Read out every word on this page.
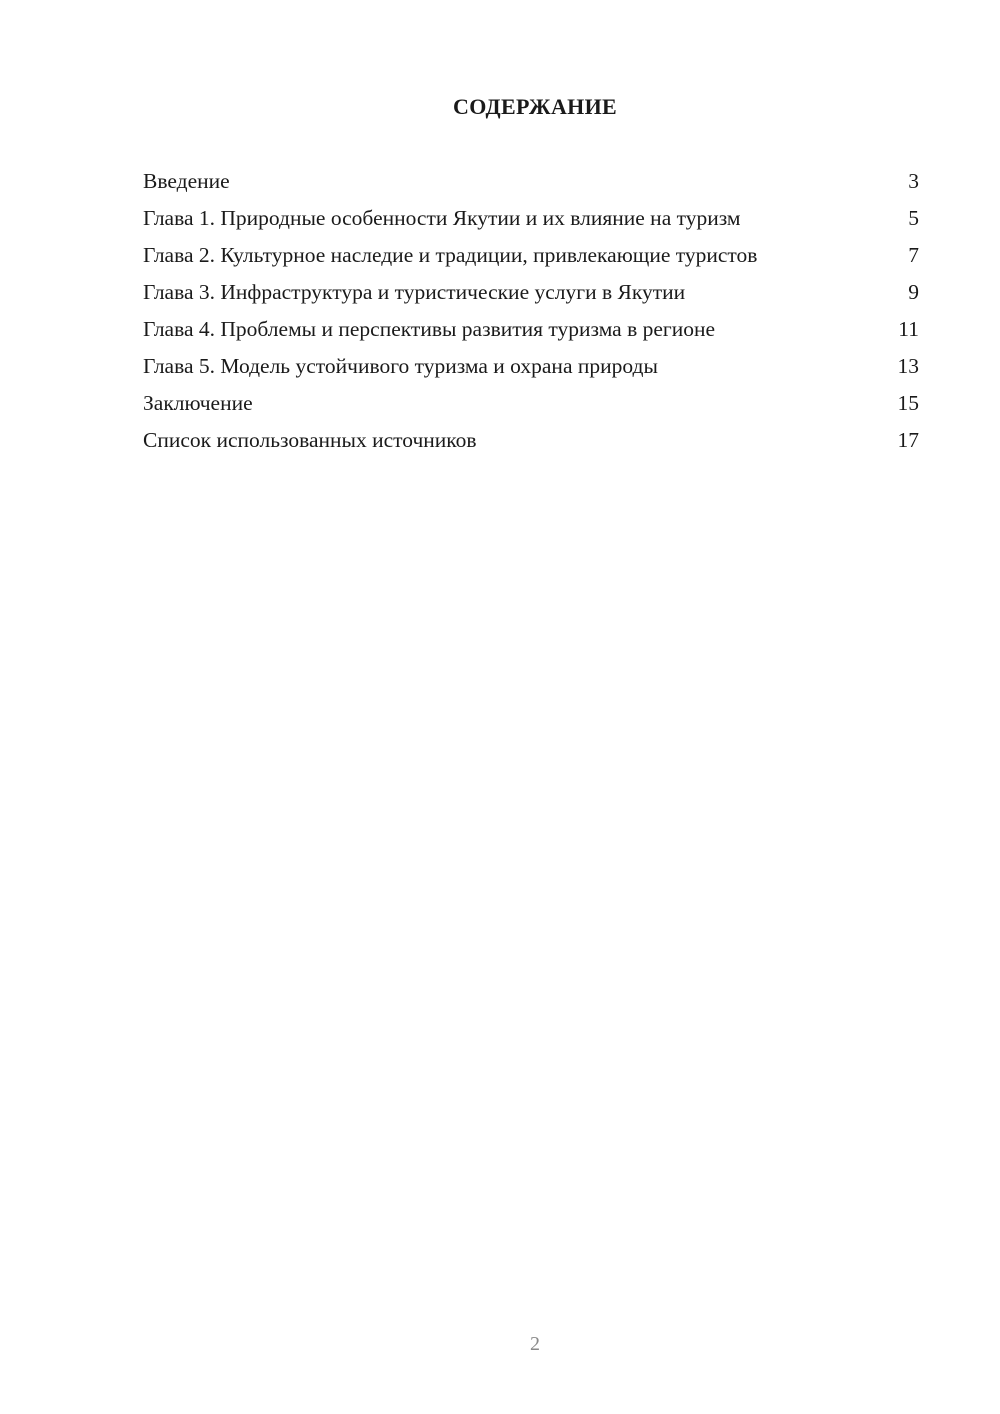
СОДЕРЖАНИЕ
Введение	3
Глава 1. Природные особенности Якутии и их влияние на туризм	5
Глава 2. Культурное наследие и традиции, привлекающие туристов	7
Глава 3. Инфраструктура и туристические услуги в Якутии	9
Глава 4. Проблемы и перспективы развития туризма в регионе	11
Глава 5. Модель устойчивого туризма и охрана природы	13
Заключение	15
Список использованных источников	17
2
